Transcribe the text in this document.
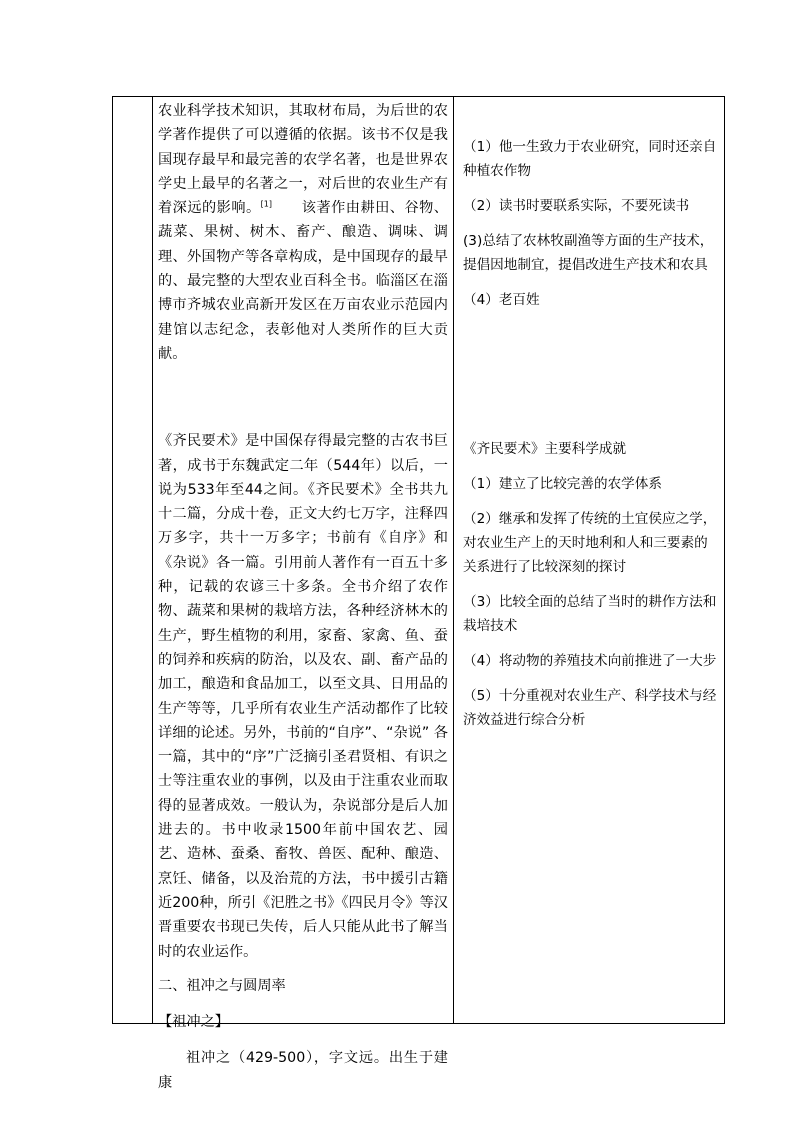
农业科学技术知识，其取材布局，为后世的农学著作提供了可以遵循的依据。该书不仅是我国现存最早和最完善的农学名著，也是世界农学史上最早的名著之一，对后世的农业生产有着深远的影响。[1]　　该著作由耕田、谷物、蔬菜、果树、树木、畜产、酿造、调味、调理、外国物产等各章构成，是中国现存的最早的、最完整的大型农业百科全书。临淄区在淄博市齐城农业高新开发区在万亩农业示范园内建馆以志纪念，表彰他对人类所作的巨大贡献。

《齐民要术》是中国保存得最完整的古农书巨著，成书于东魏武定二年（544年）以后，一说为533年至44之间。《齐民要术》全书共九十二篇，分成十卷，正文大约七万字，注释四万多字，共十一万多字；书前有《自序》和《杂说》各一篇。引用前人著作有一百五十多种，记载的农谚三十多条。全书介绍了农作物、蔬菜和果树的栽培方法，各种经济林木的生产，野生植物的利用，家畜、家禽、鱼、蚕的饲养和疾病的防治，以及农、副、畜产品的加工，酿造和食品加工，以至文具、日用品的生产等等，几乎所有农业生产活动都作了比较详细的论述。另外，书前的“自序”、“杂说” 各一篇，其中的“序”广泛摘引圣君贤相、有识之士等注重农业的事例，以及由于注重农业而取得的显著成效。一般认为，杂说部分是后人加进去的。书中收录1500年前中国农艺、园艺、造林、蚕桑、畜牧、兽医、配种、酿造、烹饪、储备，以及治荒的方法，书中援引古籍近200种，所引《汜胜之书》《四民月令》等汉晋重要农书现已失传，后人只能从此书了解当时的农业运作。

二、祖冲之与圆周率

【祖冲之】

祖冲之（429-500），字文远。出生于建康

（1）他一生致力于农业研究，同时还亲自种植农作物

（2）读书时要联系实际，不要死读书

(3)总结了农林牧副渔等方面的生产技术，提倡因地制宜，提倡改进生产技术和农具

（4）老百姓

《齐民要术》主要科学成就

（1）建立了比较完善的农学体系

（2）继承和发挥了传统的土宜侯应之学，对农业生产上的天时地利和人和三要素的关系进行了比较深刻的探讨

（3）比较全面的总结了当时的耕作方法和栽培技术

（4）将动物的养殖技术向前推进了一大步

（5）十分重视对农业生产、科学技术与经济效益进行综合分析
